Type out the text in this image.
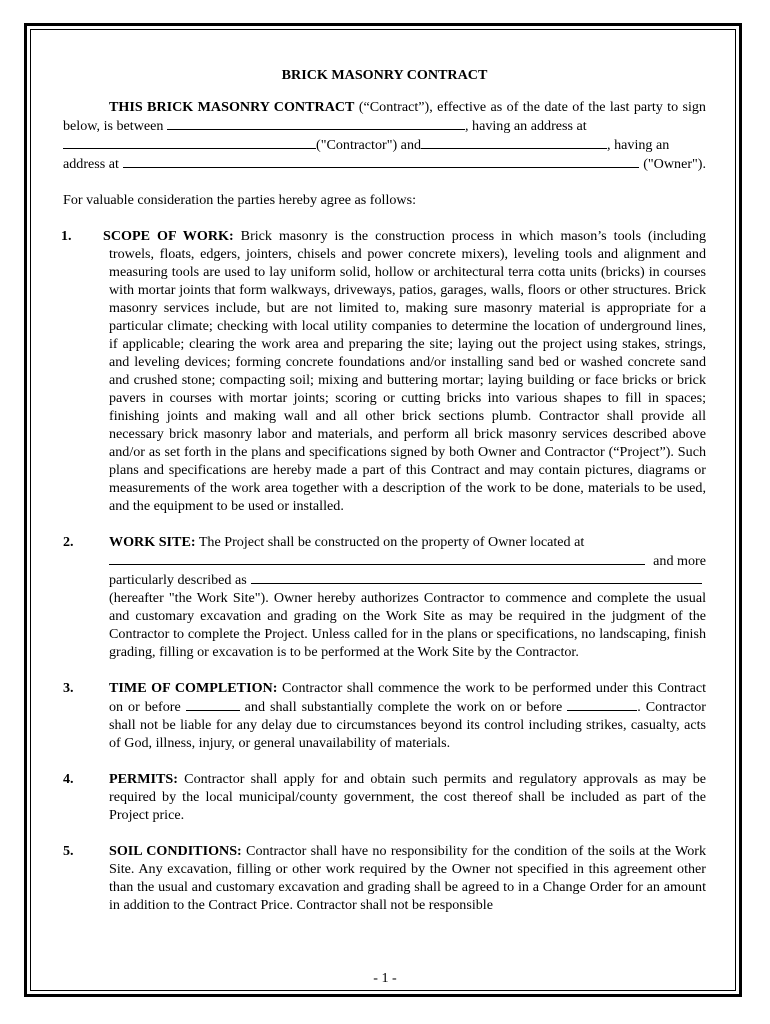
BRICK MASONRY CONTRACT

THIS BRICK MASONRY CONTRACT (“Contract”), effective as of the date of the last party to sign below, is between	, having an address at

("Contractor") and	, having an
address at	("Owner").

For valuable consideration the parties hereby agree as follows:

1. SCOPE OF WORK: Brick masonry is the construction process in which mason’s tools (including trowels, floats, edgers, jointers, chisels and power concrete mixers), leveling tools and alignment and measuring tools are used to lay uniform solid, hollow or architectural terra cotta units (bricks) in courses with mortar joints that form walkways, driveways, patios, garages, walls, floors or other structures. Brick masonry services include, but are not limited to, making sure masonry material is appropriate for a particular climate; checking with local utility companies to determine the location of underground lines, if applicable; clearing the work area and preparing the site; laying out the project using stakes, strings, and leveling devices; forming concrete foundations and/or installing sand bed or washed concrete sand and crushed stone; compacting soil; mixing and buttering mortar; laying building or face bricks or brick pavers in courses with mortar joints; scoring or cutting bricks into various shapes to fill in spaces; finishing joints and making wall and all other brick sections plumb. Contractor shall provide all necessary brick masonry labor and materials, and perform all brick masonry services described above and/or as set forth in the plans and specifications signed by both Owner and Contractor (“Project”). Such plans and specifications are hereby made a part of this Contract and may contain pictures, diagrams or measurements of the work area together with a description of the work to be done, materials to be used, and the equipment to be used or installed.
2.	WORK SITE: The Project shall be constructed on the property of Owner located at
and more
particularly described as
(hereafter "the Work Site"). Owner hereby authorizes Contractor to commence and complete the usual and customary excavation and grading on the Work Site as may be required in the judgment of the Contractor to complete the Project. Unless called for in the plans or specifications, no landscaping, finish grading, filling or excavation is to be performed at the Work Site by the Contractor.
3.	TIME OF COMPLETION: Contractor shall commence the work to be performed under this Contract on or before	and shall substantially complete the work on or before	. Contractor shall not be liable for any delay due to circumstances beyond its control including strikes, casualty, acts of God, illness, injury, or general unavailability of materials.
4.	PERMITS: Contractor shall apply for and obtain such permits and regulatory approvals as may be required by the local municipal/county government, the cost thereof shall be included as part of the Project price.
5.	SOIL CONDITIONS: Contractor shall have no responsibility for the condition of the soils at the Work Site. Any excavation, filling or other work required by the Owner not specified in this agreement other than the usual and customary excavation and grading shall be agreed to in a Change Order for an amount in addition to the Contract Price. Contractor shall not be responsible
- 1 -
